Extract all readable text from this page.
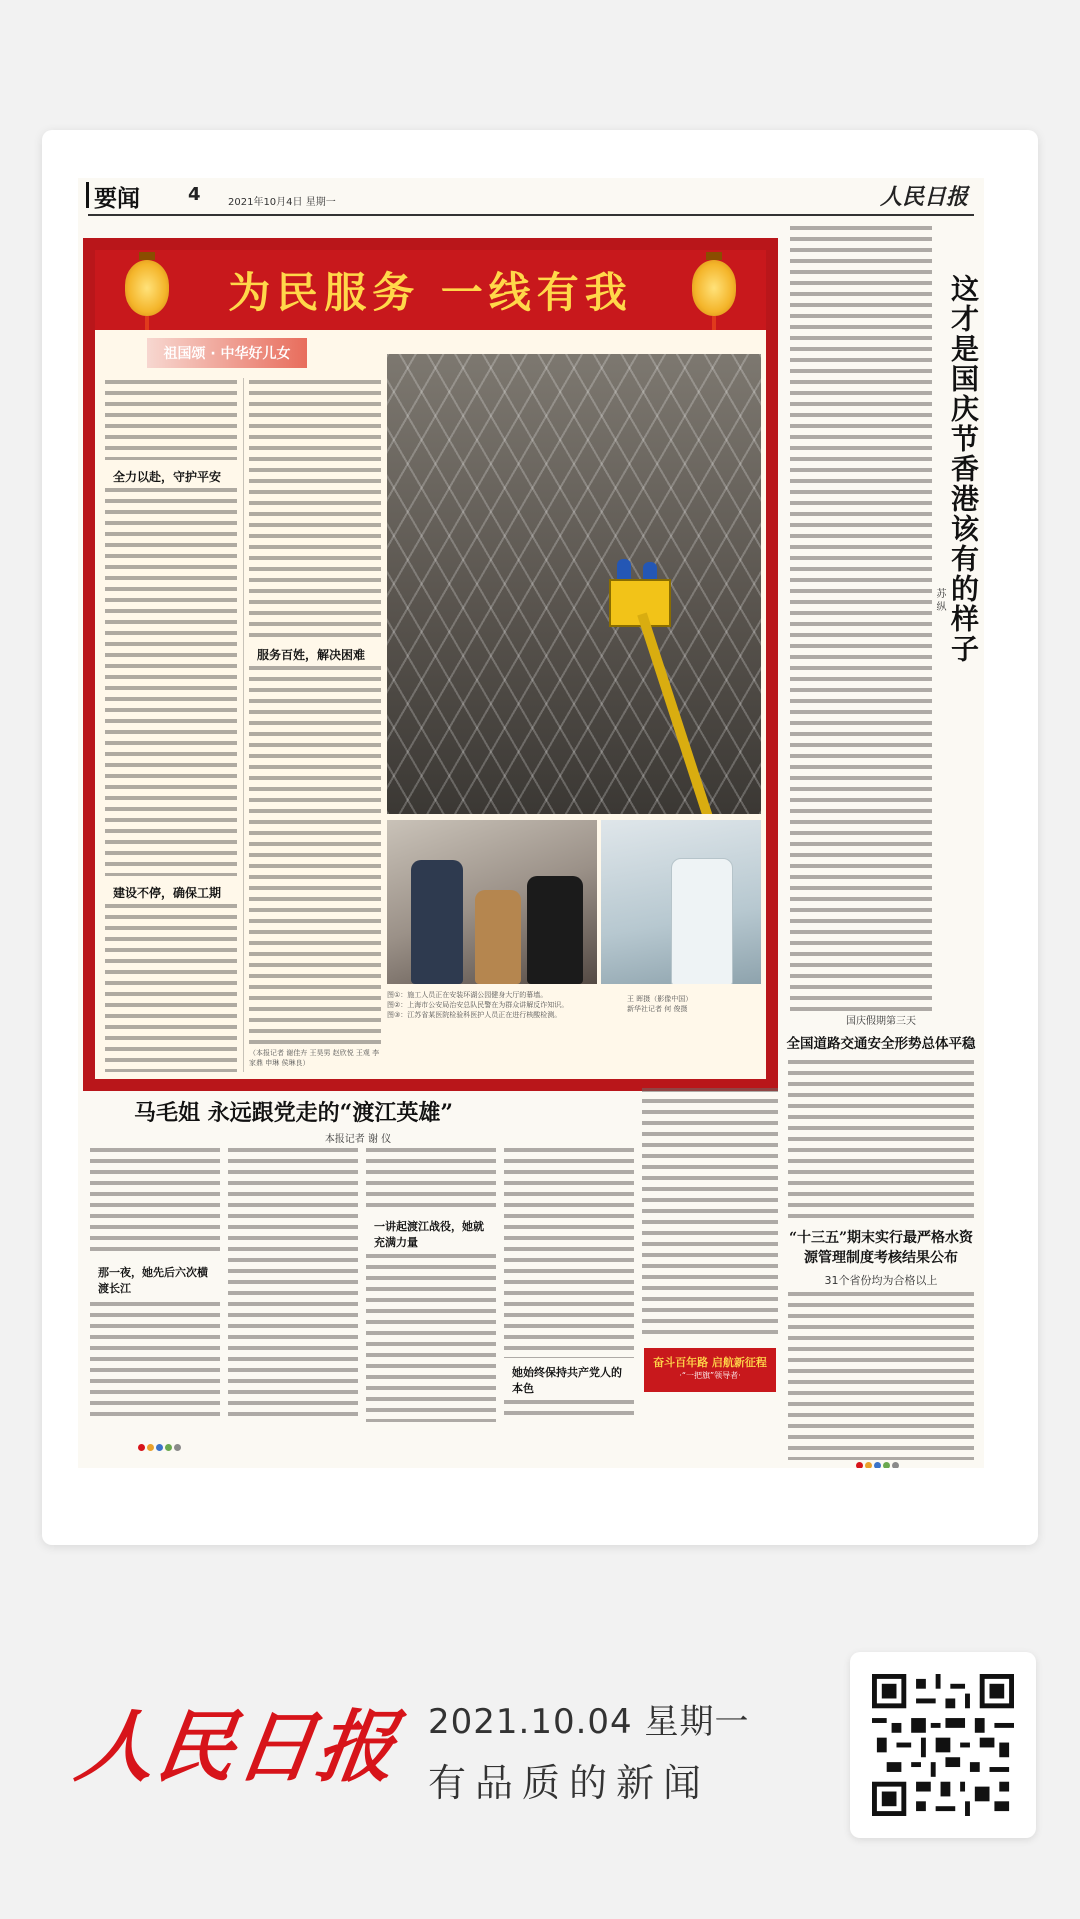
要闻	4	2021年10月4日 星期一	人民日报
为民服务 一线有我
祖国颂 · 中华好儿女
全力以赴，守护平安
建设不停，确保工期
服务百姓，解决困难
（本报记者 谢佳卉 王昊男 赵欣悦 王观 李家鼎 申琳 侯琳良）
图①：施工人员正在安装环湖公园健身大厅的幕墙。
图②：上海市公安局治安总队民警在为群众讲解反诈知识。
图③：江苏省某医院检验科医护人员正在进行核酸检测。
王 晖摄（影像中国）
新华社记者 何 俊摄
这才是国庆节香港该有的样子
苏 纵
国庆假期第三天
全国道路交通安全形势总体平稳
“十三五”期末实行最严格水资源管理制度考核结果公布
31个省份均为合格以上
马毛姐 永远跟党走的“渡江英雄”
本报记者 谢 仪
那一夜，她先后六次横渡长江
一讲起渡江战役，她就充满力量
她始终保持共产党人的本色
奋斗百年路 启航新征程
·“一把旗”领导者·
人民日报 2021.10.04 星期一
有品质的新闻
